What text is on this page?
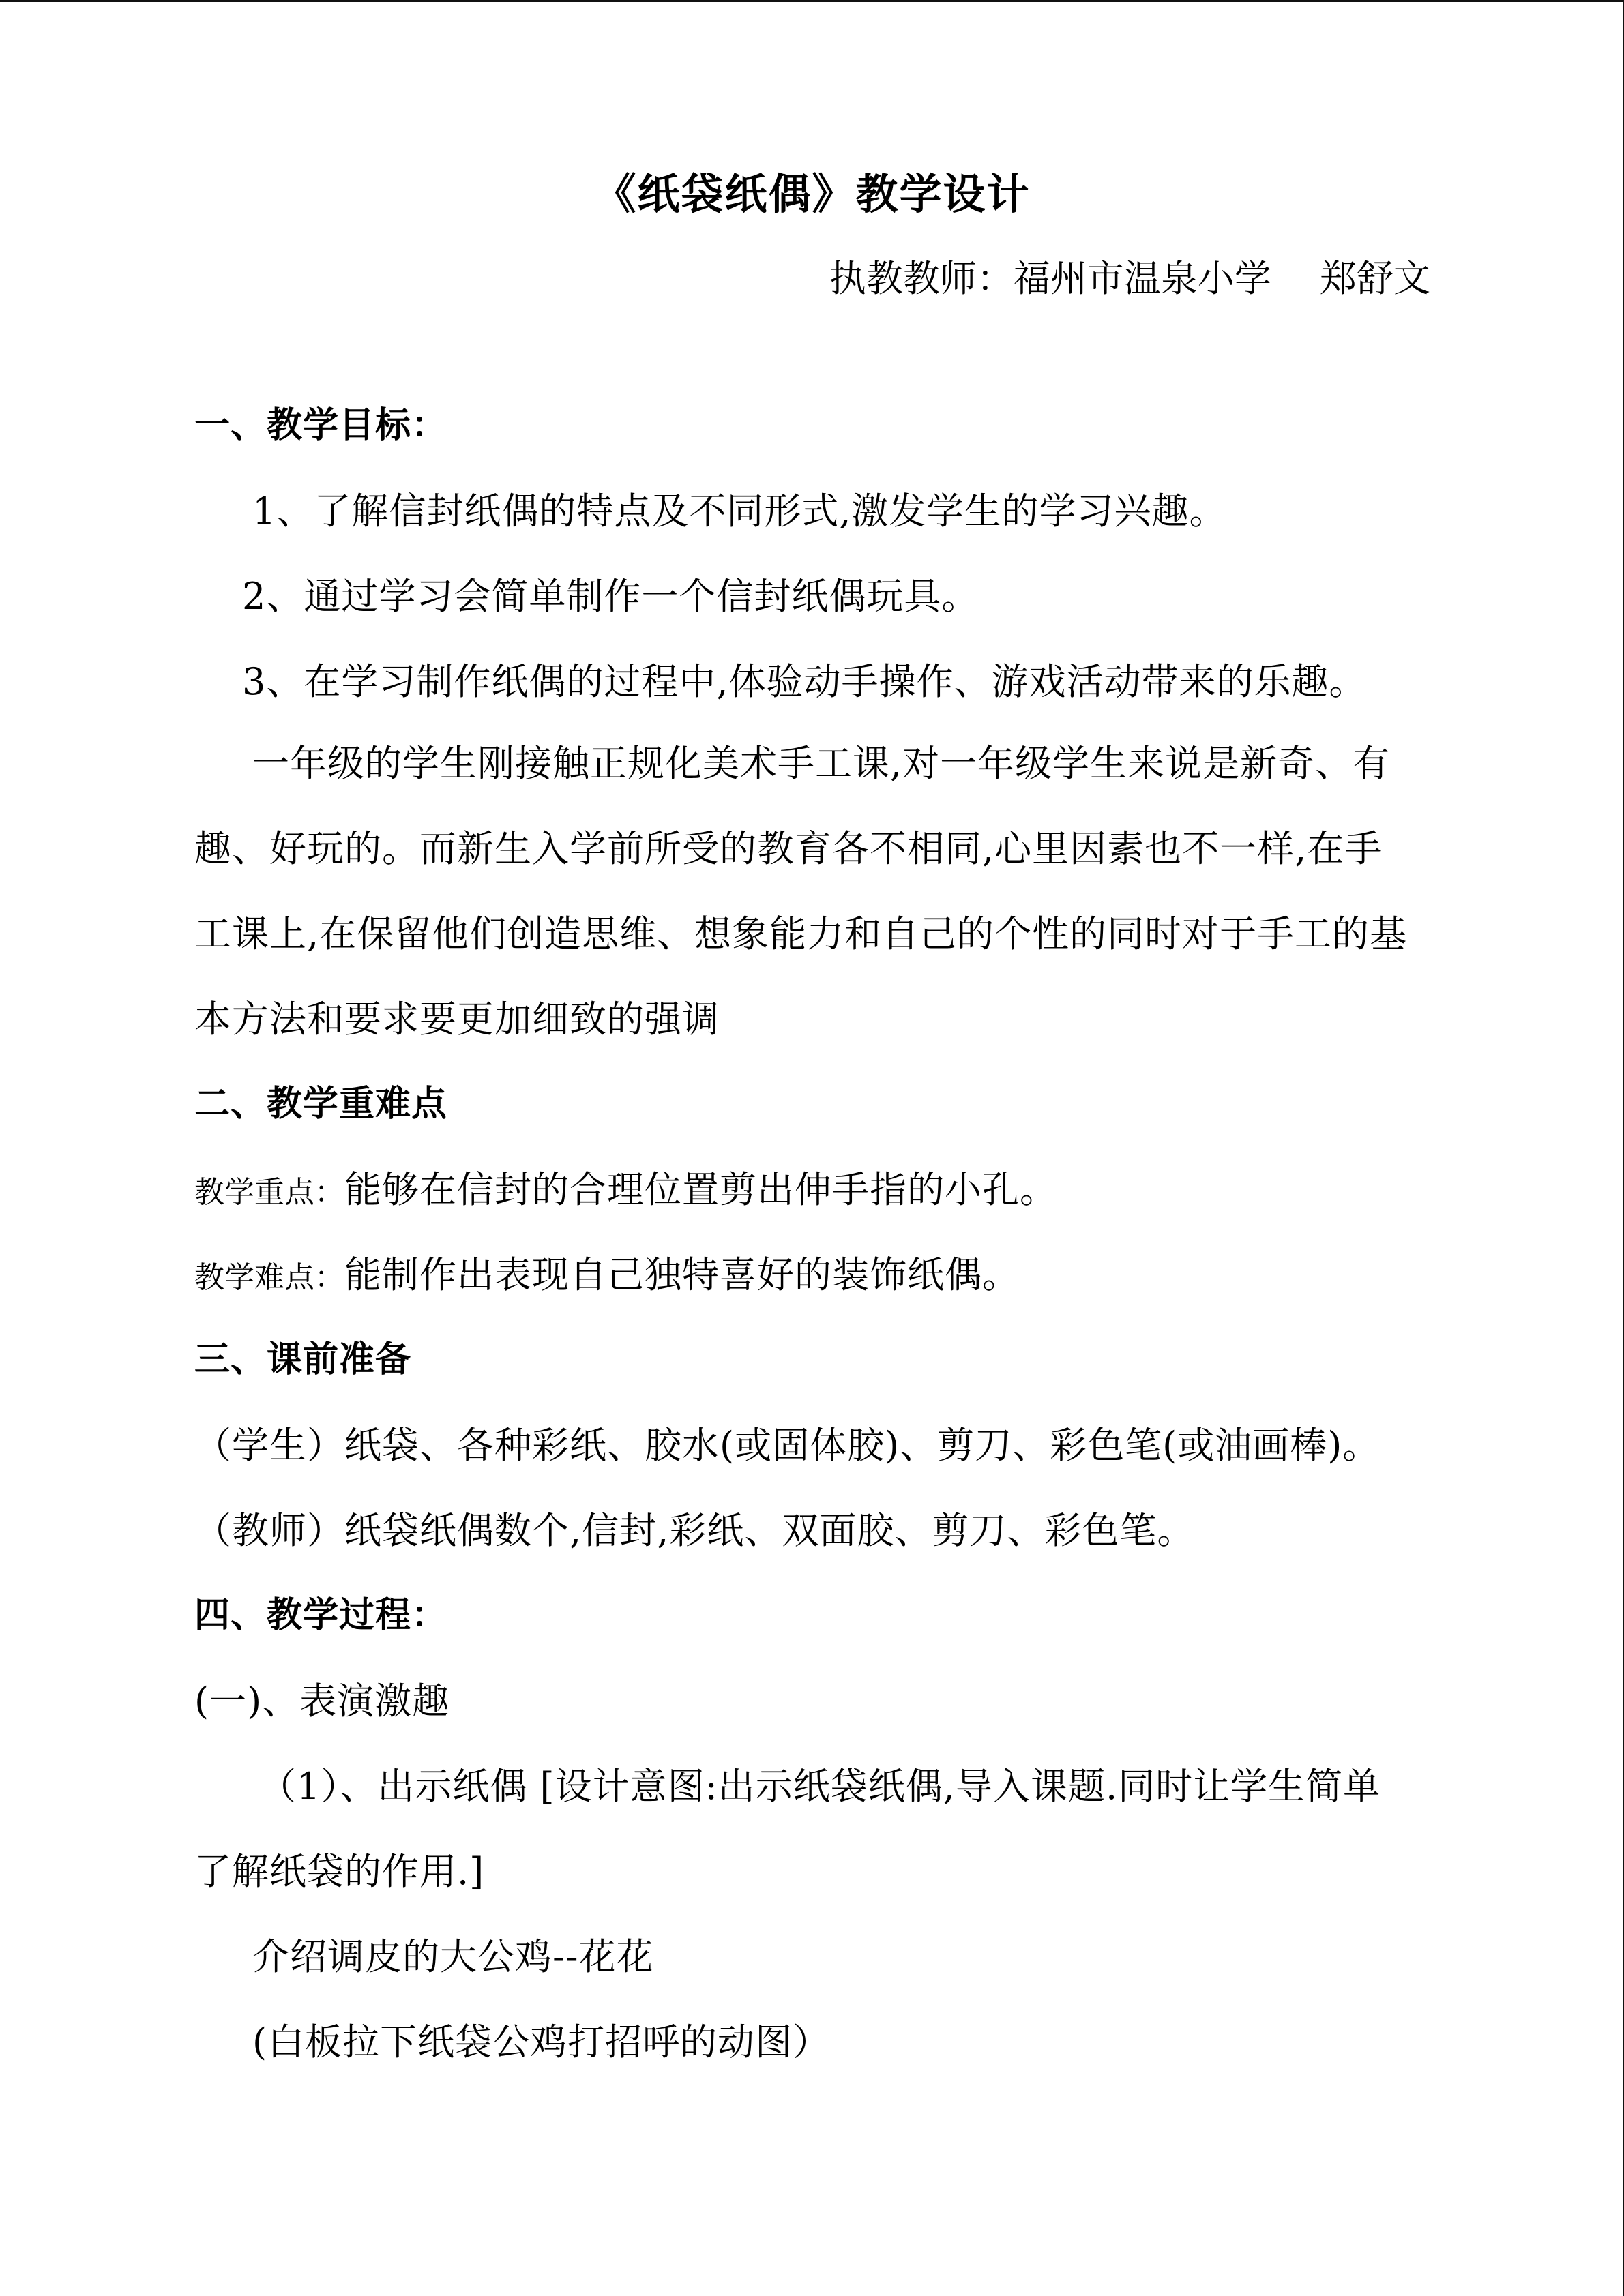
《纸袋纸偶》教学设计
执教教师：福州市温泉小学　 郑舒文
一、教学目标：
1、了解信封纸偶的特点及不同形式,激发学生的学习兴趣。
2、通过学习会简单制作一个信封纸偶玩具。
3、在学习制作纸偶的过程中,体验动手操作、游戏活动带来的乐趣。
一年级的学生刚接触正规化美术手工课,对一年级学生来说是新奇、有
趣、好玩的。而新生入学前所受的教育各不相同,心里因素也不一样,在手
工课上,在保留他们创造思维、想象能力和自己的个性的同时对于手工的基
本方法和要求要更加细致的强调
二、教学重难点
教学重点：能够在信封的合理位置剪出伸手指的小孔。
教学难点：能制作出表现自己独特喜好的装饰纸偶。
三、课前准备
（学生）纸袋、各种彩纸、胶水(或固体胶)、剪刀、彩色笔(或油画棒)。
（教师）纸袋纸偶数个,信封,彩纸、双面胶、剪刀、彩色笔。
四、教学过程：
(一)、表演激趣
（1）、出示纸偶 [设计意图:出示纸袋纸偶,导入课题.同时让学生简单
了解纸袋的作用.]
介绍调皮的大公鸡--花花
(白板拉下纸袋公鸡打招呼的动图）
